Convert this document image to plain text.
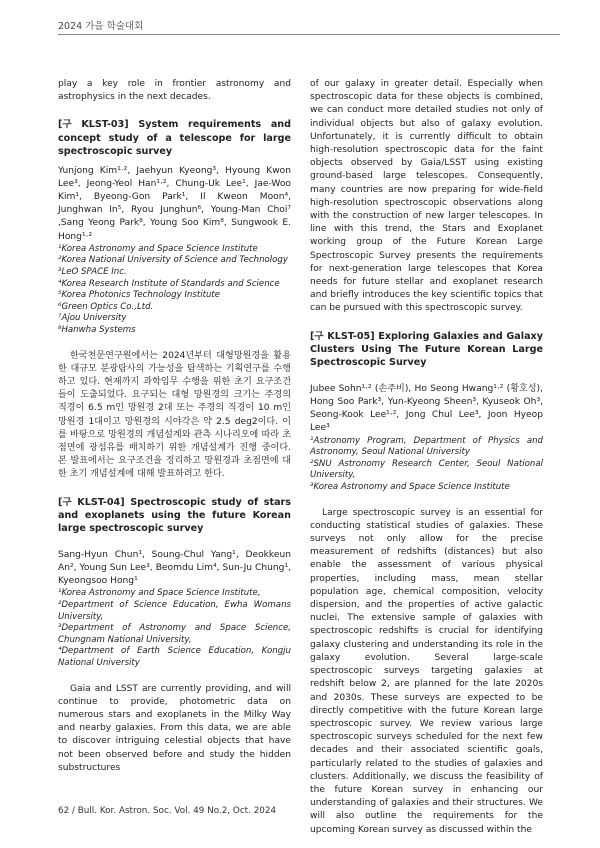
2024 가을 학술대회

play a key role in frontier astronomy and astrophysics in the next decades.

[구 KLST-03] System requirements and concept study of a telescope for large spectroscopic survey

Yunjong Kim¹·², Jaehyun Kyeong³, Hyoung Kwon Lee³, Jeong-Yeol Han¹·², Chung-Uk Lee¹, Jae-Woo Kim¹, Byeong-Gon Park¹, Il Kweon Moon⁴, Junghwan In⁵, Ryou Junghun⁶, Young-Man Choi⁷ ,Sang Yeong Park⁸, Young Soo Kim⁸, Sungwook E. Hong¹·²

¹Korea Astronomy and Space Science Institute

²Korea National University of Science and Technology

³LeO SPACE Inc.

⁴Korea Research Institute of Standards and Science

⁵Korea Photonics Technology Institute

⁶Green Optics Co.,Ltd.

⁷Ajou University

⁸Hanwha Systems

한국천문연구원에서는 2024년부터 대형망원경을 활용한 대규모 분광탐사의 가능성을 탐색하는 기획연구를 수행하고 있다. 현재까지 과학임무 수행을 위한 초기 요구조건들이 도출되었다. 요구되는 대형 망원경의 크기는 주경의 직경이 6.5 m인 망원경 2대 또는 주경의 직경이 10 m인 망원경 1대이고 망원경의 시야각은 약 2.5 deg2이다. 이를 바탕으로 망원경의 개념설계와 관측 시나리오에 따라 초점면에 광섬유를 배치하기 위한 개념설계가 진행 중이다. 본 발표에서는 요구조건을 정리하고 망원경과 초점면에 대한 초기 개념설계에 대해 발표하려고 한다.

[구 KLST-04] Spectroscopic study of stars and exoplanets using the future Korean large spectroscopic survey

Sang-Hyun Chun¹, Soung-Chul Yang¹, Deokkeun An², Young Sun Lee³, Beomdu Lim⁴, Sun-Ju Chung¹, Kyeongsoo Hong¹

¹Korea Astronomy and Space Science Institute,

²Department of Science Education, Ewha Womans University,

³Department of Astronomy and Space Science, Chungnam National University,

⁴Department of Earth Science Education, Kongju National University

Gaia and LSST are currently providing, and will continue to provide, photometric data on numerous stars and exoplanets in the Milky Way and nearby galaxies. From this data, we are able to discover intriguing celestial objects that have not been observed before and study the hidden substructures

of our galaxy in greater detail. Especially when spectroscopic data for these objects is combined, we can conduct more detailed studies not only of individual objects but also of galaxy evolution. Unfortunately, it is currently difficult to obtain high-resolution spectroscopic data for the faint objects observed by Gaia/LSST using existing ground-based large telescopes. Consequently, many countries are now preparing for wide-field high-resolution spectroscopic observations along with the construction of new larger telescopes. In line with this trend, the Stars and Exoplanet working group of the Future Korean Large Spectroscopic Survey presents the requirements for next-generation large telescopes that Korea needs for future stellar and exoplanet research and briefly introduces the key scientific topics that can be pursued with this spectroscopic survey.

[구 KLST-05] Exploring Galaxies and Galaxy Clusters Using The Future Korean Large Spectroscopic Survey

Jubee Sohn¹·² (손주비), Ho Seong Hwang¹·² (황호성), Hong Soo Park³, Yun-Kyeong Sheen³, Kyuseok Oh³, Seong-Kook Lee¹·², Jong Chul Lee³, Joon Hyeop Lee³

¹Astronomy Program, Department of Physics and Astronomy, Seoul National University

²SNU Astronomy Research Center, Seoul National University,

³Korea Astronomy and Space Science Institute

Large spectroscopic survey is an essential for conducting statistical studies of galaxies. These surveys not only allow for the precise measurement of redshifts (distances) but also enable the assessment of various physical properties, including mass, mean stellar population age, chemical composition, velocity dispersion, and the properties of active galactic nuclei. The extensive sample of galaxies with spectroscopic redshifts is crucial for identifying galaxy clustering and understanding its role in the galaxy evolution. Several large-scale spectroscopic surveys targeting galaxies at redshift below 2, are planned for the late 2020s and 2030s. These surveys are expected to be directly competitive with the future Korean large spectroscopic survey. We review various large spectroscopic surveys scheduled for the next few decades and their associated scientific goals, particularly related to the studies of galaxies and clusters. Additionally, we discuss the feasibility of the future Korean survey in enhancing our understanding of galaxies and their structures. We will also outline the requirements for the upcoming Korean survey as discussed within the

62 / Bull. Kor. Astron. Soc. Vol. 49 No.2, Oct. 2024
